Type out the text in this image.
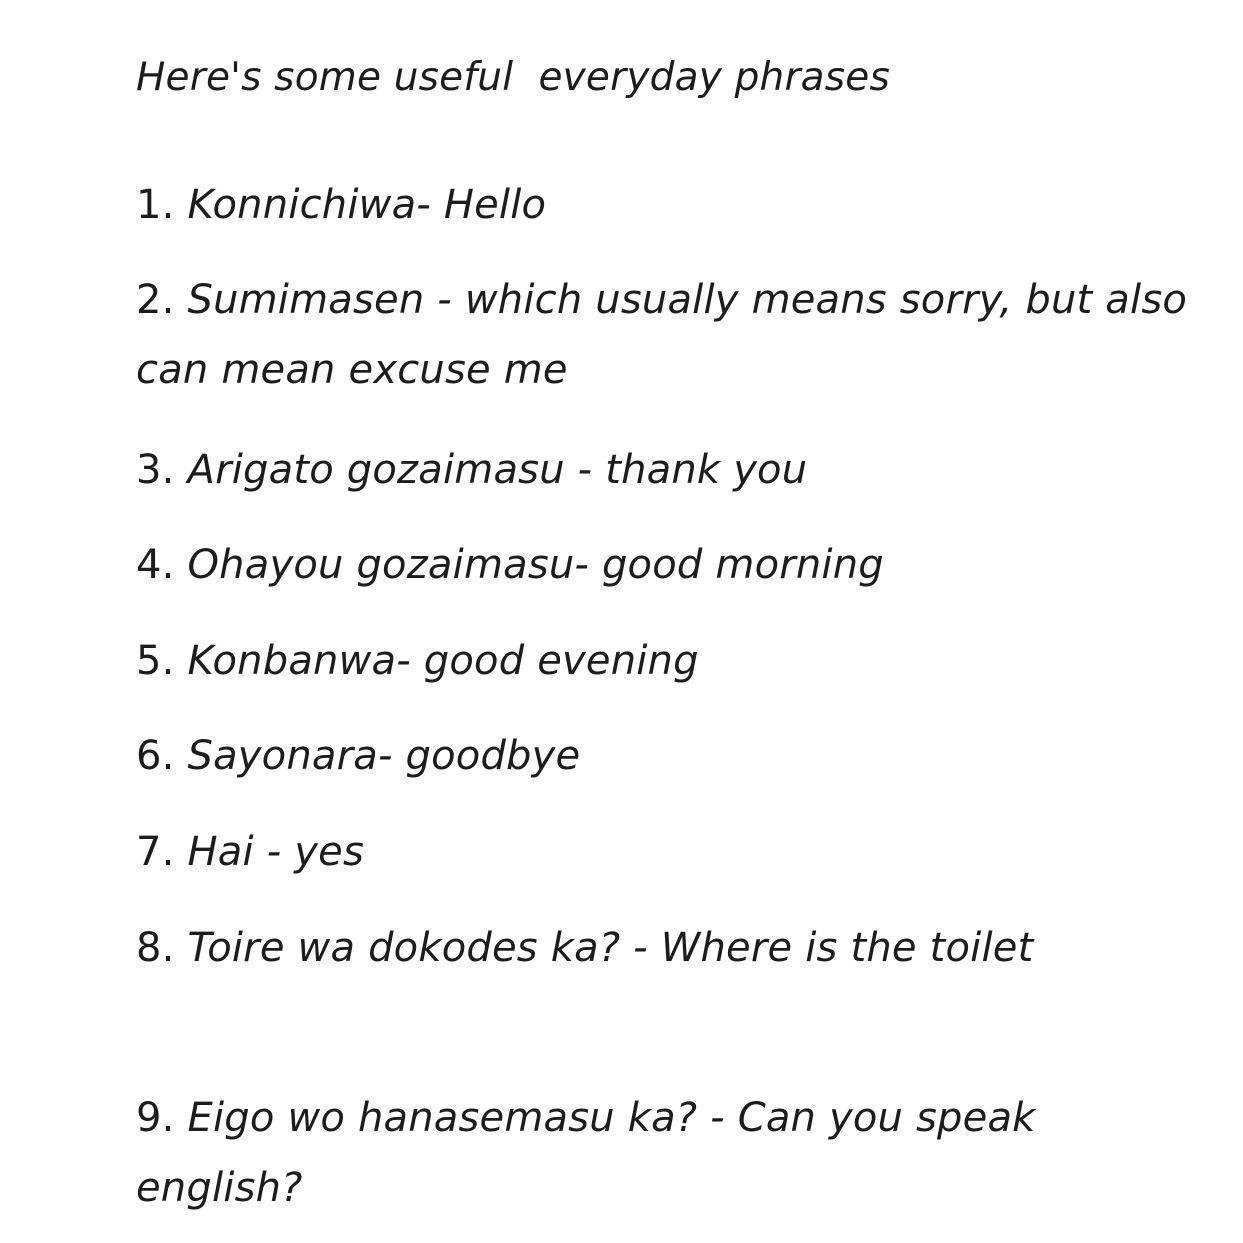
Here's some useful  everyday phrases

1. Konnichiwa- Hello
2. Sumimasen - which usually means sorry, but also can mean excuse me
3. Arigato gozaimasu - thank you
4. Ohayou gozaimasu- good morning
5. Konbanwa- good evening
6. Sayonara- goodbye
7. Hai - yes
8. Toire wa dokodes ka? - Where is the toilet
9. Eigo wo hanasemasu ka? - Can you speak english?
